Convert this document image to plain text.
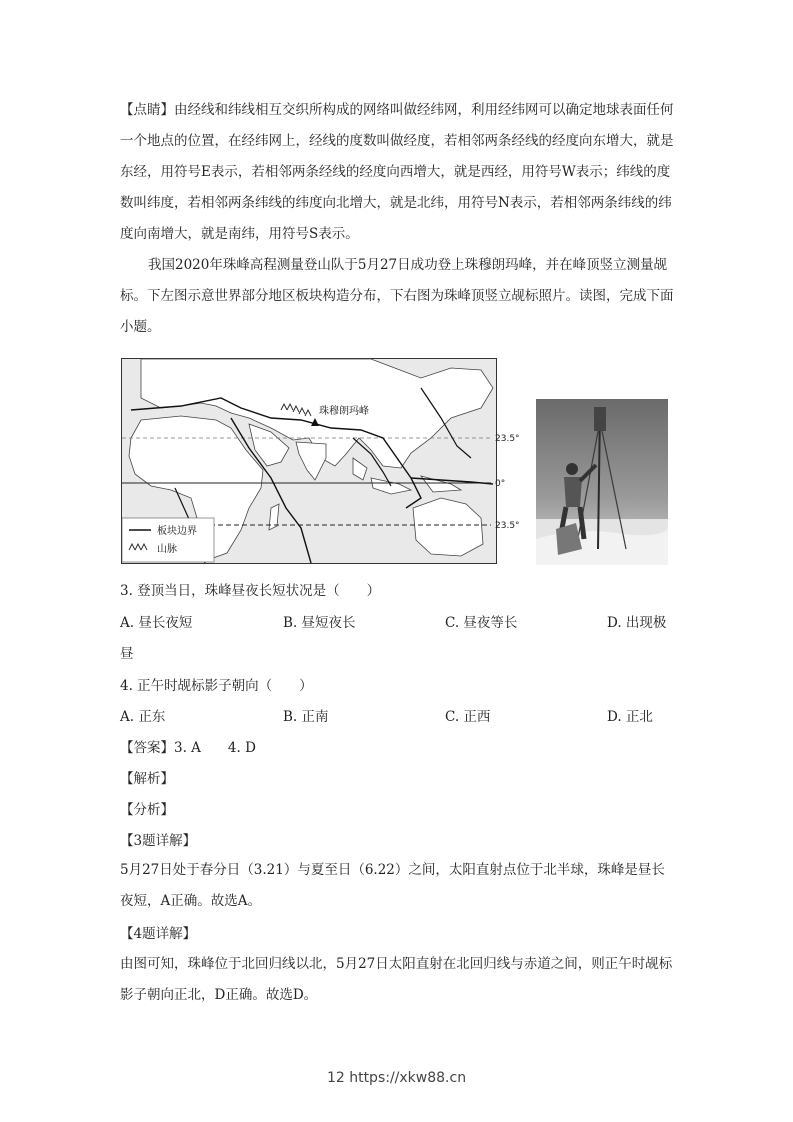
【点睛】由经线和纬线相互交织所构成的网络叫做经纬网，利用经纬网可以确定地球表面任何一个地点的位置，在经纬网上，经线的度数叫做经度，若相邻两条经线的经度向东增大，就是东经，用符号E表示，若相邻两条经线的经度向西增大，就是西经，用符号W表示；纬线的度数叫纬度，若相邻两条纬线的纬度向北增大，就是北纬，用符号N表示，若相邻两条纬线的纬度向南增大，就是南纬，用符号S表示。

我国2020年珠峰高程测量登山队于5月27日成功登上珠穆朗玛峰，并在峰顶竖立测量觇标。下左图示意世界部分地区板块构造分布，下右图为珠峰顶竖立觇标照片。读图，完成下面小题。

珠穆朗玛峰
23.5°
0°
23.5°
板块边界
山脉
3. 登顶当日，珠峰昼夜长短状况是（　　）
A. 昼长夜短	B. 昼短夜长	C. 昼夜等长	D. 出现极
昼
4. 正午时觇标影子朝向（　　）
A. 正东	B. 正南	C. 正西	D. 正北
【答案】3. A　　4. D
【解析】
【分析】
【3题详解】

5月27日处于春分日（3.21）与夏至日（6.22）之间，太阳直射点位于北半球，珠峰是昼长夜短，A正确。故选A。

【4题详解】

由图可知，珠峰位于北回归线以北，5月27日太阳直射在北回归线与赤道之间，则正午时觇标影子朝向正北，D正确。故选D。

12 https://xkw88.cn
